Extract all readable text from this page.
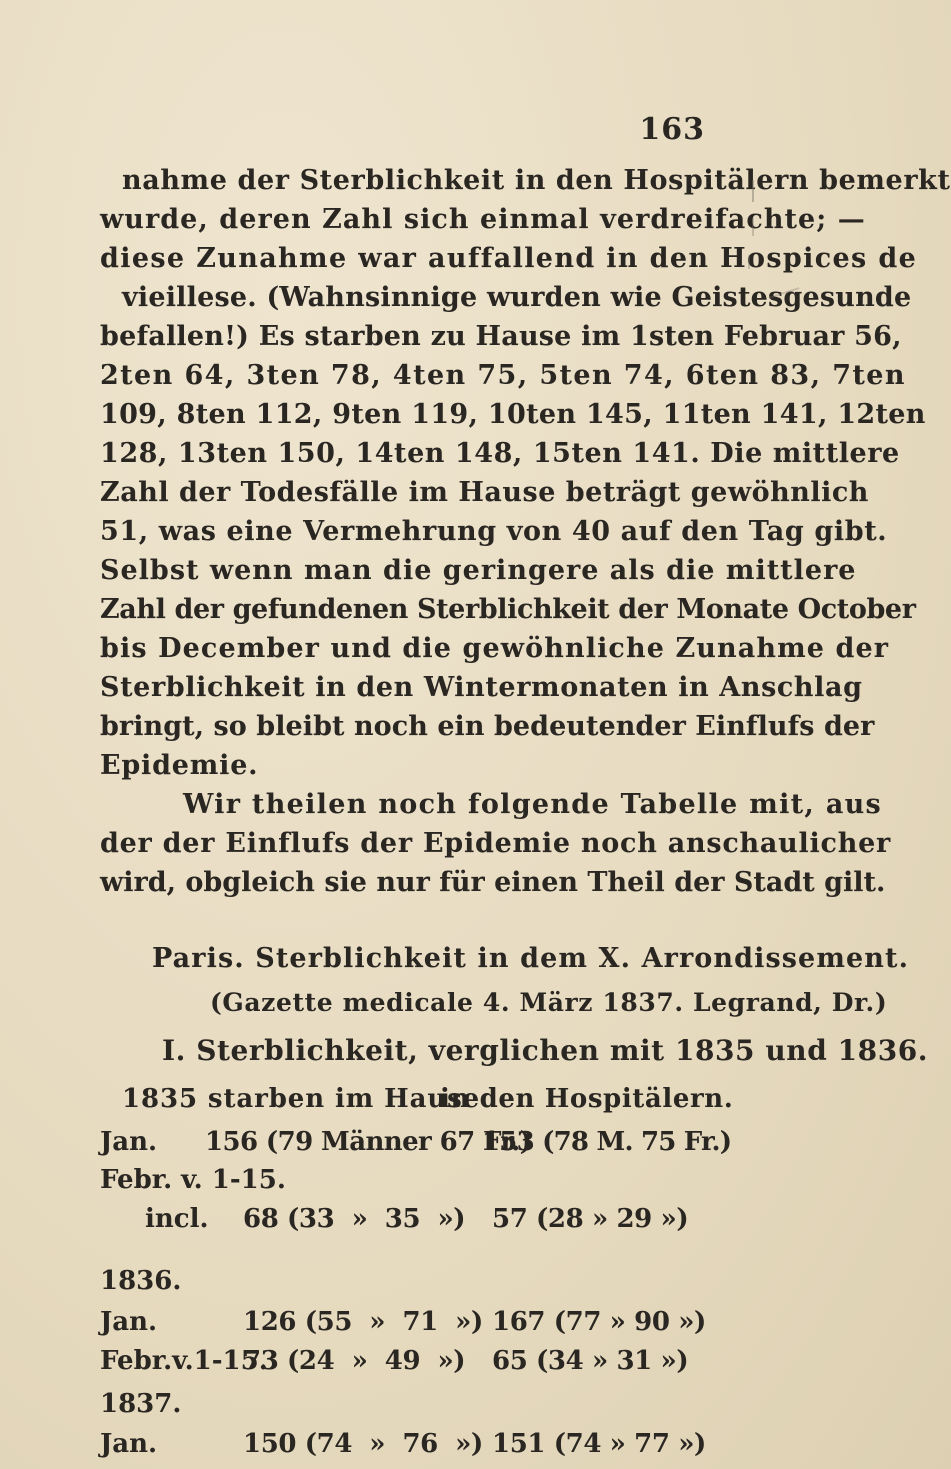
163
nahme der Sterblichkeit in den Hospitälern bemerkt
wurde, deren Zahl sich einmal verdreifachte; —
diese Zunahme war auffallend in den Hospices de
vieillese. (Wahnsinnige wurden wie Geistesgesunde
befallen!) Es starben zu Hause im 1sten Februar 56,
2ten 64, 3ten 78, 4ten 75, 5ten 74, 6ten 83, 7ten
109, 8ten 112, 9ten 119, 10ten 145, 11ten 141, 12ten
128, 13ten 150, 14ten 148, 15ten 141. Die mittlere
Zahl der Todesfälle im Hause beträgt gewöhnlich
51, was eine Vermehrung von 40 auf den Tag gibt.
Selbst wenn man die geringere als die mittlere
Zahl der gefundenen Sterblichkeit der Monate October
bis December und die gewöhnliche Zunahme der
Sterblichkeit in den Wintermonaten in Anschlag
bringt, so bleibt noch ein bedeutender Einflufs der
Epidemie.
Wir theilen noch folgende Tabelle mit, aus
der der Einflufs der Epidemie noch anschaulicher
wird, obgleich sie nur für einen Theil der Stadt gilt.
Paris. Sterblichkeit in dem X. Arrondissement.
(Gazette medicale 4. März 1837. Legrand, Dr.)
I. Sterblichkeit, verglichen mit 1835 und 1836.
1835 starben im Hause
in den Hospitälern.
Jan. 156 (79 Männer 67 Fr.)
153 (78 M. 75 Fr.)
Febr. v. 1-15.
incl. 68 (33  »  35  ») 57 (28 » 29 »)
1836.
Jan.	126 (55  »  71  ») 167 (77 » 90 »)
Febr.v.1-15.
73 (24  »  49  ») 65 (34 » 31 »)
1837.
Jan.	150 (74  »  76  ») 151 (74 » 77 »)
